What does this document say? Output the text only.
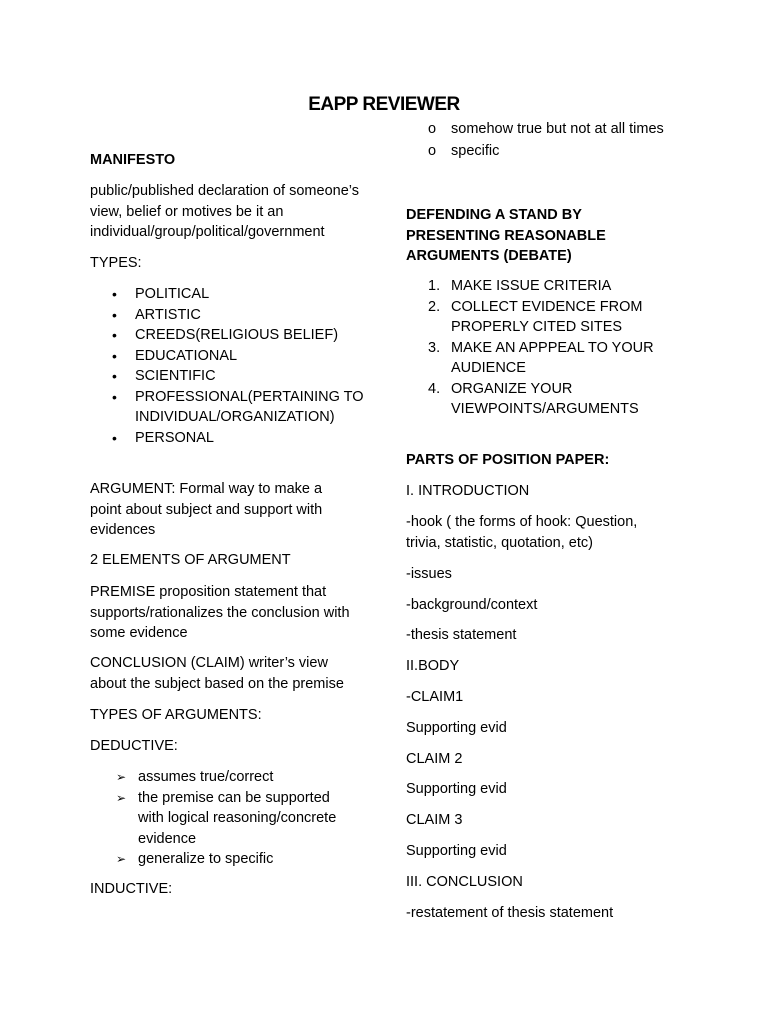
EAPP REVIEWER

MANIFESTO

public/published declaration of someone’s view, belief or motives be it an individual/group/political/government

TYPES:

• POLITICAL
• ARTISTIC
• CREEDS(RELIGIOUS BELIEF)
• EDUCATIONAL
• SCIENTIFIC
• PROFESSIONAL(PERTAINING TO INDIVIDUAL/ORGANIZATION)
• PERSONAL

ARGUMENT: Formal way to make a point about subject and support with evidences

2 ELEMENTS OF ARGUMENT

PREMISE proposition statement that supports/rationalizes the conclusion with some evidence

CONCLUSION (CLAIM) writer’s view about the subject based on the premise

TYPES OF ARGUMENTS:

DEDUCTIVE:

➢ assumes true/correct
➢ the premise can be supported with logical reasoning/concrete evidence
➢ generalize to specific

INDUCTIVE:

o somehow true but not at all times
o specific

DEFENDING A STAND BY PRESENTING REASONABLE ARGUMENTS (DEBATE)

1. MAKE ISSUE CRITERIA
2. COLLECT EVIDENCE FROM PROPERLY CITED SITES
3. MAKE AN APPPEAL TO YOUR AUDIENCE
4. ORGANIZE YOUR VIEWPOINTS/ARGUMENTS

PARTS OF POSITION PAPER:

I. INTRODUCTION

-hook ( the forms of hook: Question, trivia, statistic, quotation, etc)

-issues

-background/context

-thesis statement

II.BODY

-CLAIM1

Supporting evid

CLAIM 2

Supporting evid

CLAIM 3

Supporting evid

III. CONCLUSION

-restatement of thesis statement
